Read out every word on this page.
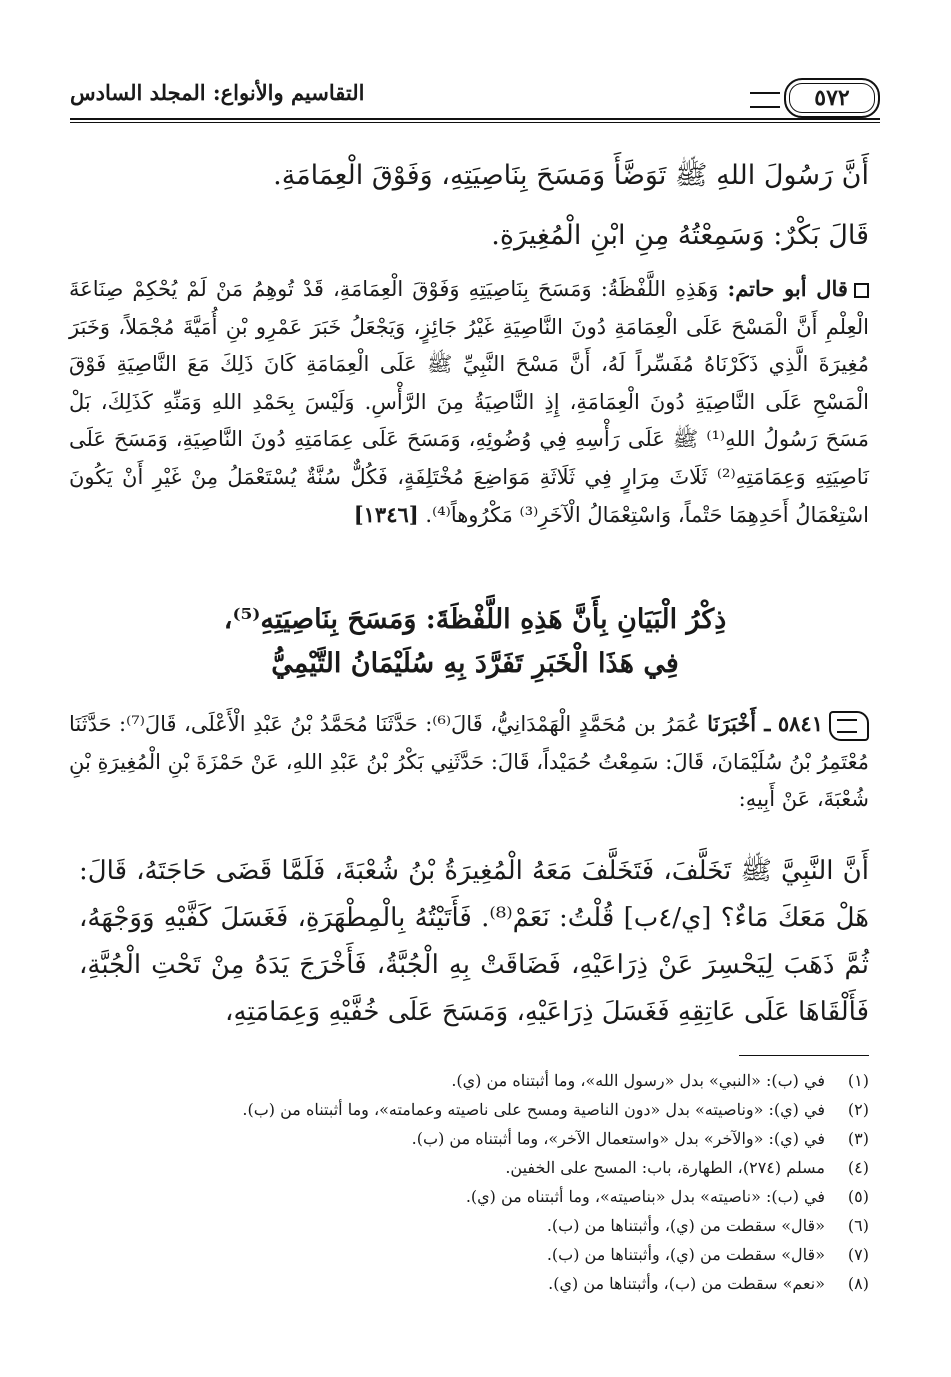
التقاسيم والأنواع: المجلد السادس	٥٧٢
أَنَّ رَسُولَ اللهِ ﷺ تَوَضَّأَ وَمَسَحَ بِنَاصِيَتِهِ، وَفَوْقَ الْعِمَامَةِ.
قَالَ بَكْرٌ: وَسَمِعْتُهُ مِنِ ابْنِ الْمُغِيرَةِ.
قال أبو حاتم: وَهَذِهِ اللَّفْظَةُ: وَمَسَحَ بِنَاصِيَتِهِ وَفَوْقَ الْعِمَامَةِ، قَدْ تُوهِمُ مَنْ لَمْ يُحْكِمْ صِنَاعَةَ الْعِلْمِ أَنَّ الْمَسْحَ عَلَى الْعِمَامَةِ دُونَ النَّاصِيَةِ غَيْرُ جَائِزٍ، وَيَجْعَلُ خَبَرَ عَمْرِو بْنِ أُمَيَّةَ مُجْمَلاً، وَخَبَرَ مُغِيرَةَ الَّذِي ذَكَرْنَاهُ مُفَسِّراً لَهُ، أَنَّ مَسْحَ النَّبِيِّ ﷺ عَلَى الْعِمَامَةِ كَانَ ذَلِكَ مَعَ النَّاصِيَةِ فَوْقَ الْمَسْحِ عَلَى النَّاصِيَةِ دُونَ الْعِمَامَةِ، إِذِ النَّاصِيَةُ مِنَ الرَّأْسِ. وَلَيْسَ بِحَمْدِ اللهِ وَمَنِّهِ كَذَلِكَ، بَلْ مَسَحَ رَسُولُ اللهِ⁽¹⁾ ﷺ عَلَى رَأْسِهِ فِي وُضُوئِهِ، وَمَسَحَ عَلَى عِمَامَتِهِ دُونَ النَّاصِيَةِ، وَمَسَحَ عَلَى نَاصِيَتِهِ وَعِمَامَتِهِ⁽²⁾ ثَلَاثَ مِرَارٍ فِي ثَلَاثَةِ مَوَاضِعَ مُخْتَلِفَةٍ، فَكُلٌّ سُنَّةٌ يُسْتَعْمَلُ مِنْ غَيْرِ أَنْ يَكُونَ اسْتِعْمَالُ أَحَدِهِمَا حَتْماً، وَاسْتِعْمَالُ الْآخَرِ⁽³⁾ مَكْرُوهاً⁽⁴⁾. [١٣٤٦]
ذِكْرُ الْبَيَانِ بِأَنَّ هَذِهِ اللَّفْظَةَ: وَمَسَحَ بِنَاصِيَتِهِ⁽⁵⁾،
فِي هَذَا الْخَبَرِ تَفَرَّدَ بِهِ سُلَيْمَانُ التَّيْمِيُّ
٥٨٤١ ـ أَخْبَرَنَا عُمَرُ بن مُحَمَّدٍ الْهَمْدَانِيُّ، قَالَ⁽⁶⁾: حَدَّثَنَا مُحَمَّدُ بْنُ عَبْدِ الْأَعْلَى، قَالَ⁽⁷⁾: حَدَّثَنَا مُعْتَمِرُ بْنُ سُلَيْمَانَ، قَالَ: سَمِعْتُ حُمَيْداً، قَالَ: حَدَّثَنِي بَكْرُ بْنُ عَبْدِ اللهِ، عَنْ حَمْزَةَ بْنِ الْمُغِيرَةِ بْنِ شُعْبَةَ، عَنْ أَبِيهِ:
أَنَّ النَّبِيَّ ﷺ تَخَلَّفَ، فَتَخَلَّفَ مَعَهُ الْمُغِيرَةُ بْنُ شُعْبَةَ، فَلَمَّا قَضَى حَاجَتَهُ، قَالَ: هَلْ مَعَكَ مَاءٌ؟ [ي/٤ب] قُلْتُ: نَعَمْ⁽⁸⁾. فَأَتَيْتُهُ بِالْمِطْهَرَةِ، فَغَسَلَ كَفَّيْهِ وَوَجْهَهُ، ثُمَّ ذَهَبَ لِيَحْسِرَ عَنْ ذِرَاعَيْهِ، فَضَاقَتْ بِهِ الْجُبَّةُ، فَأَخْرَجَ يَدَهُ مِنْ تَحْتِ الْجُبَّةِ، فَأَلْقَاهَا عَلَى عَاتِقِهِ فَغَسَلَ ذِرَاعَيْهِ، وَمَسَحَ عَلَى خُفَّيْهِ وَعِمَامَتِهِ،
(١)في (ب): «النبي» بدل «رسول الله»، وما أثبتناه من (ي).
(٢)في (ي): «وناصيته» بدل «دون الناصية ومسح على ناصيته وعمامته»، وما أثبتناه من (ب).
(٣)في (ي): «والآخر» بدل «واستعمال الآخر»، وما أثبتناه من (ب).
(٤)مسلم (٢٧٤)، الطهارة، باب: المسح على الخفين.
(٥)في (ب): «ناصيته» بدل «بناصيته»، وما أثبتناه من (ي).
(٦)«قال» سقطت من (ي)، وأثبتناها من (ب).
(٧)«قال» سقطت من (ي)، وأثبتناها من (ب).
(٨)«نعم» سقطت من (ب)، وأثبتناها من (ي).
